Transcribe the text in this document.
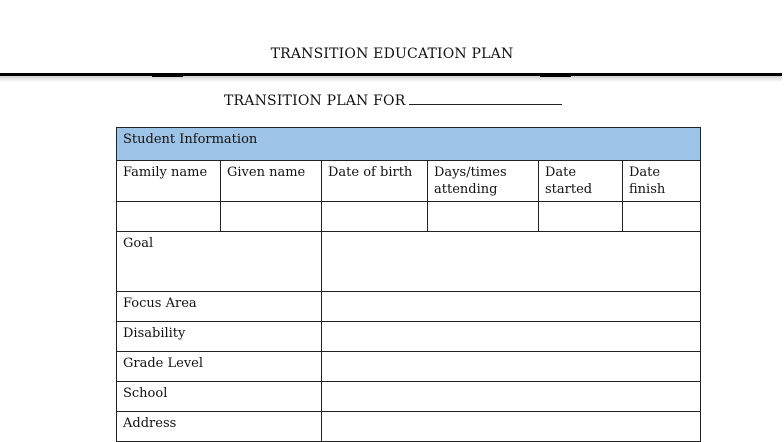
TRANSITION EDUCATION PLAN
TRANSITION PLAN FOR
Student Information					
Family name	Given name	Date of birth	Days/times attending	Date started	Date finish

Goal					
Focus Area					
Disability					
Grade Level					
School					
Address					
